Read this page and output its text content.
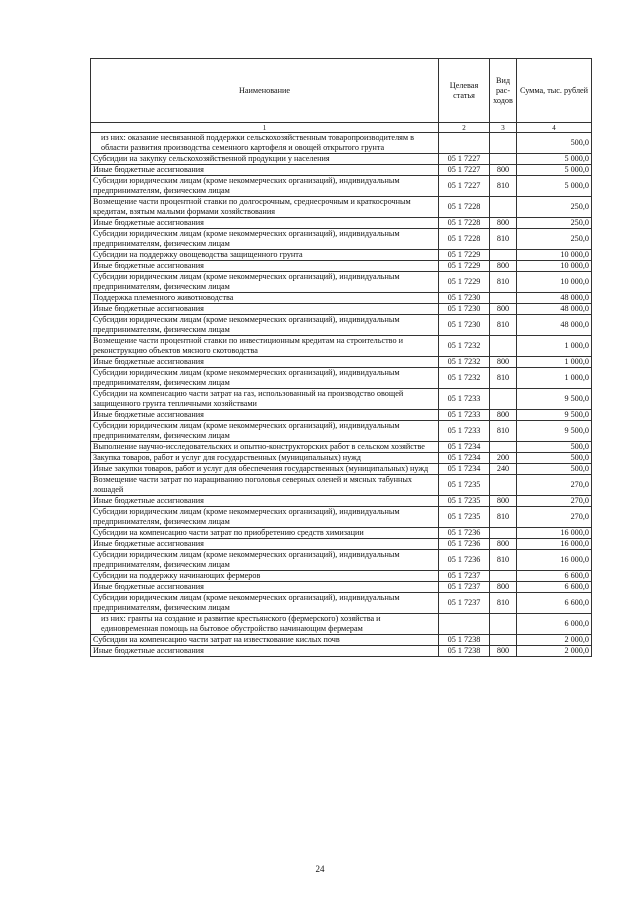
Наименование	Целевая статья	Вид рас-ходов	Сумма, тыс. рублей
1	2	3	4
из них: оказание несвязанной поддержки сельскохозяйственным товаропроизводителям в области развития производства семенного картофеля и овощей открытого грунта			500,0
Субсидии на закупку сельскохозяйственной продукции у населения	05 1 7227		5 000,0
Иные бюджетные ассигнования	05 1 7227	800	5 000,0
Субсидии юридическим лицам (кроме некоммерческих организаций), индивидуальным предпринимателям, физическим лицам	05 1 7227	810	5 000,0
Возмещение части процентной ставки по долгосрочным, среднесрочным и краткосрочным кредитам, взятым малыми формами хозяйствования	05 1 7228		250,0
Иные бюджетные ассигнования	05 1 7228	800	250,0
Субсидии юридическим лицам (кроме некоммерческих организаций), индивидуальным предпринимателям, физическим лицам	05 1 7228	810	250,0
Субсидии на поддержку овощеводства защищенного грунта	05 1 7229		10 000,0
Иные бюджетные ассигнования	05 1 7229	800	10 000,0
Субсидии юридическим лицам (кроме некоммерческих организаций), индивидуальным предпринимателям, физическим лицам	05 1 7229	810	10 000,0
Поддержка племенного животноводства	05 1 7230		48 000,0
Иные бюджетные ассигнования	05 1 7230	800	48 000,0
Субсидии юридическим лицам (кроме некоммерческих организаций), индивидуальным предпринимателям, физическим лицам	05 1 7230	810	48 000,0
Возмещение части процентной ставки по инвестиционным кредитам на строительство и реконструкцию объектов мясного скотоводства	05 1 7232		1 000,0
Иные бюджетные ассигнования	05 1 7232	800	1 000,0
Субсидии юридическим лицам (кроме некоммерческих организаций), индивидуальным предпринимателям, физическим лицам	05 1 7232	810	1 000,0
Субсидии на компенсацию части затрат на газ, использованный на производство овощей защищенного грунта тепличными хозяйствами	05 1 7233		9 500,0
Иные бюджетные ассигнования	05 1 7233	800	9 500,0
Субсидии юридическим лицам (кроме некоммерческих организаций), индивидуальным предпринимателям, физическим лицам	05 1 7233	810	9 500,0
Выполнение научно-исследовательских и опытно-конструкторских работ в сельском хозяйстве	05 1 7234		500,0
Закупка товаров, работ и услуг для государственных (муниципальных) нужд	05 1 7234	200	500,0
Иные закупки товаров, работ и услуг для обеспечения государственных (муниципальных) нужд	05 1 7234	240	500,0
Возмещение части затрат по наращиванию поголовья северных оленей и мясных табунных лошадей	05 1 7235		270,0
Иные бюджетные ассигнования	05 1 7235	800	270,0
Субсидии юридическим лицам (кроме некоммерческих организаций), индивидуальным предпринимателям, физическим лицам	05 1 7235	810	270,0
Субсидии на компенсацию части затрат по приобретению средств химизации	05 1 7236		16 000,0
Иные бюджетные ассигнования	05 1 7236	800	16 000,0
Субсидии юридическим лицам (кроме некоммерческих организаций), индивидуальным предпринимателям, физическим лицам	05 1 7236	810	16 000,0
Субсидии на поддержку начинающих фермеров	05 1 7237		6 600,0
Иные бюджетные ассигнования	05 1 7237	800	6 600,0
Субсидии юридическим лицам (кроме некоммерческих организаций), индивидуальным предпринимателям, физическим лицам	05 1 7237	810	6 600,0
из них: гранты на создание и развитие крестьянского (фермерского) хозяйства и единовременная помощь на бытовое обустройство начинающим фермерам			6 000,0
Субсидии на компенсацию части затрат на известкование кислых почв	05 1 7238		2 000,0
Иные бюджетные ассигнования	05 1 7238	800	2 000,0
24
